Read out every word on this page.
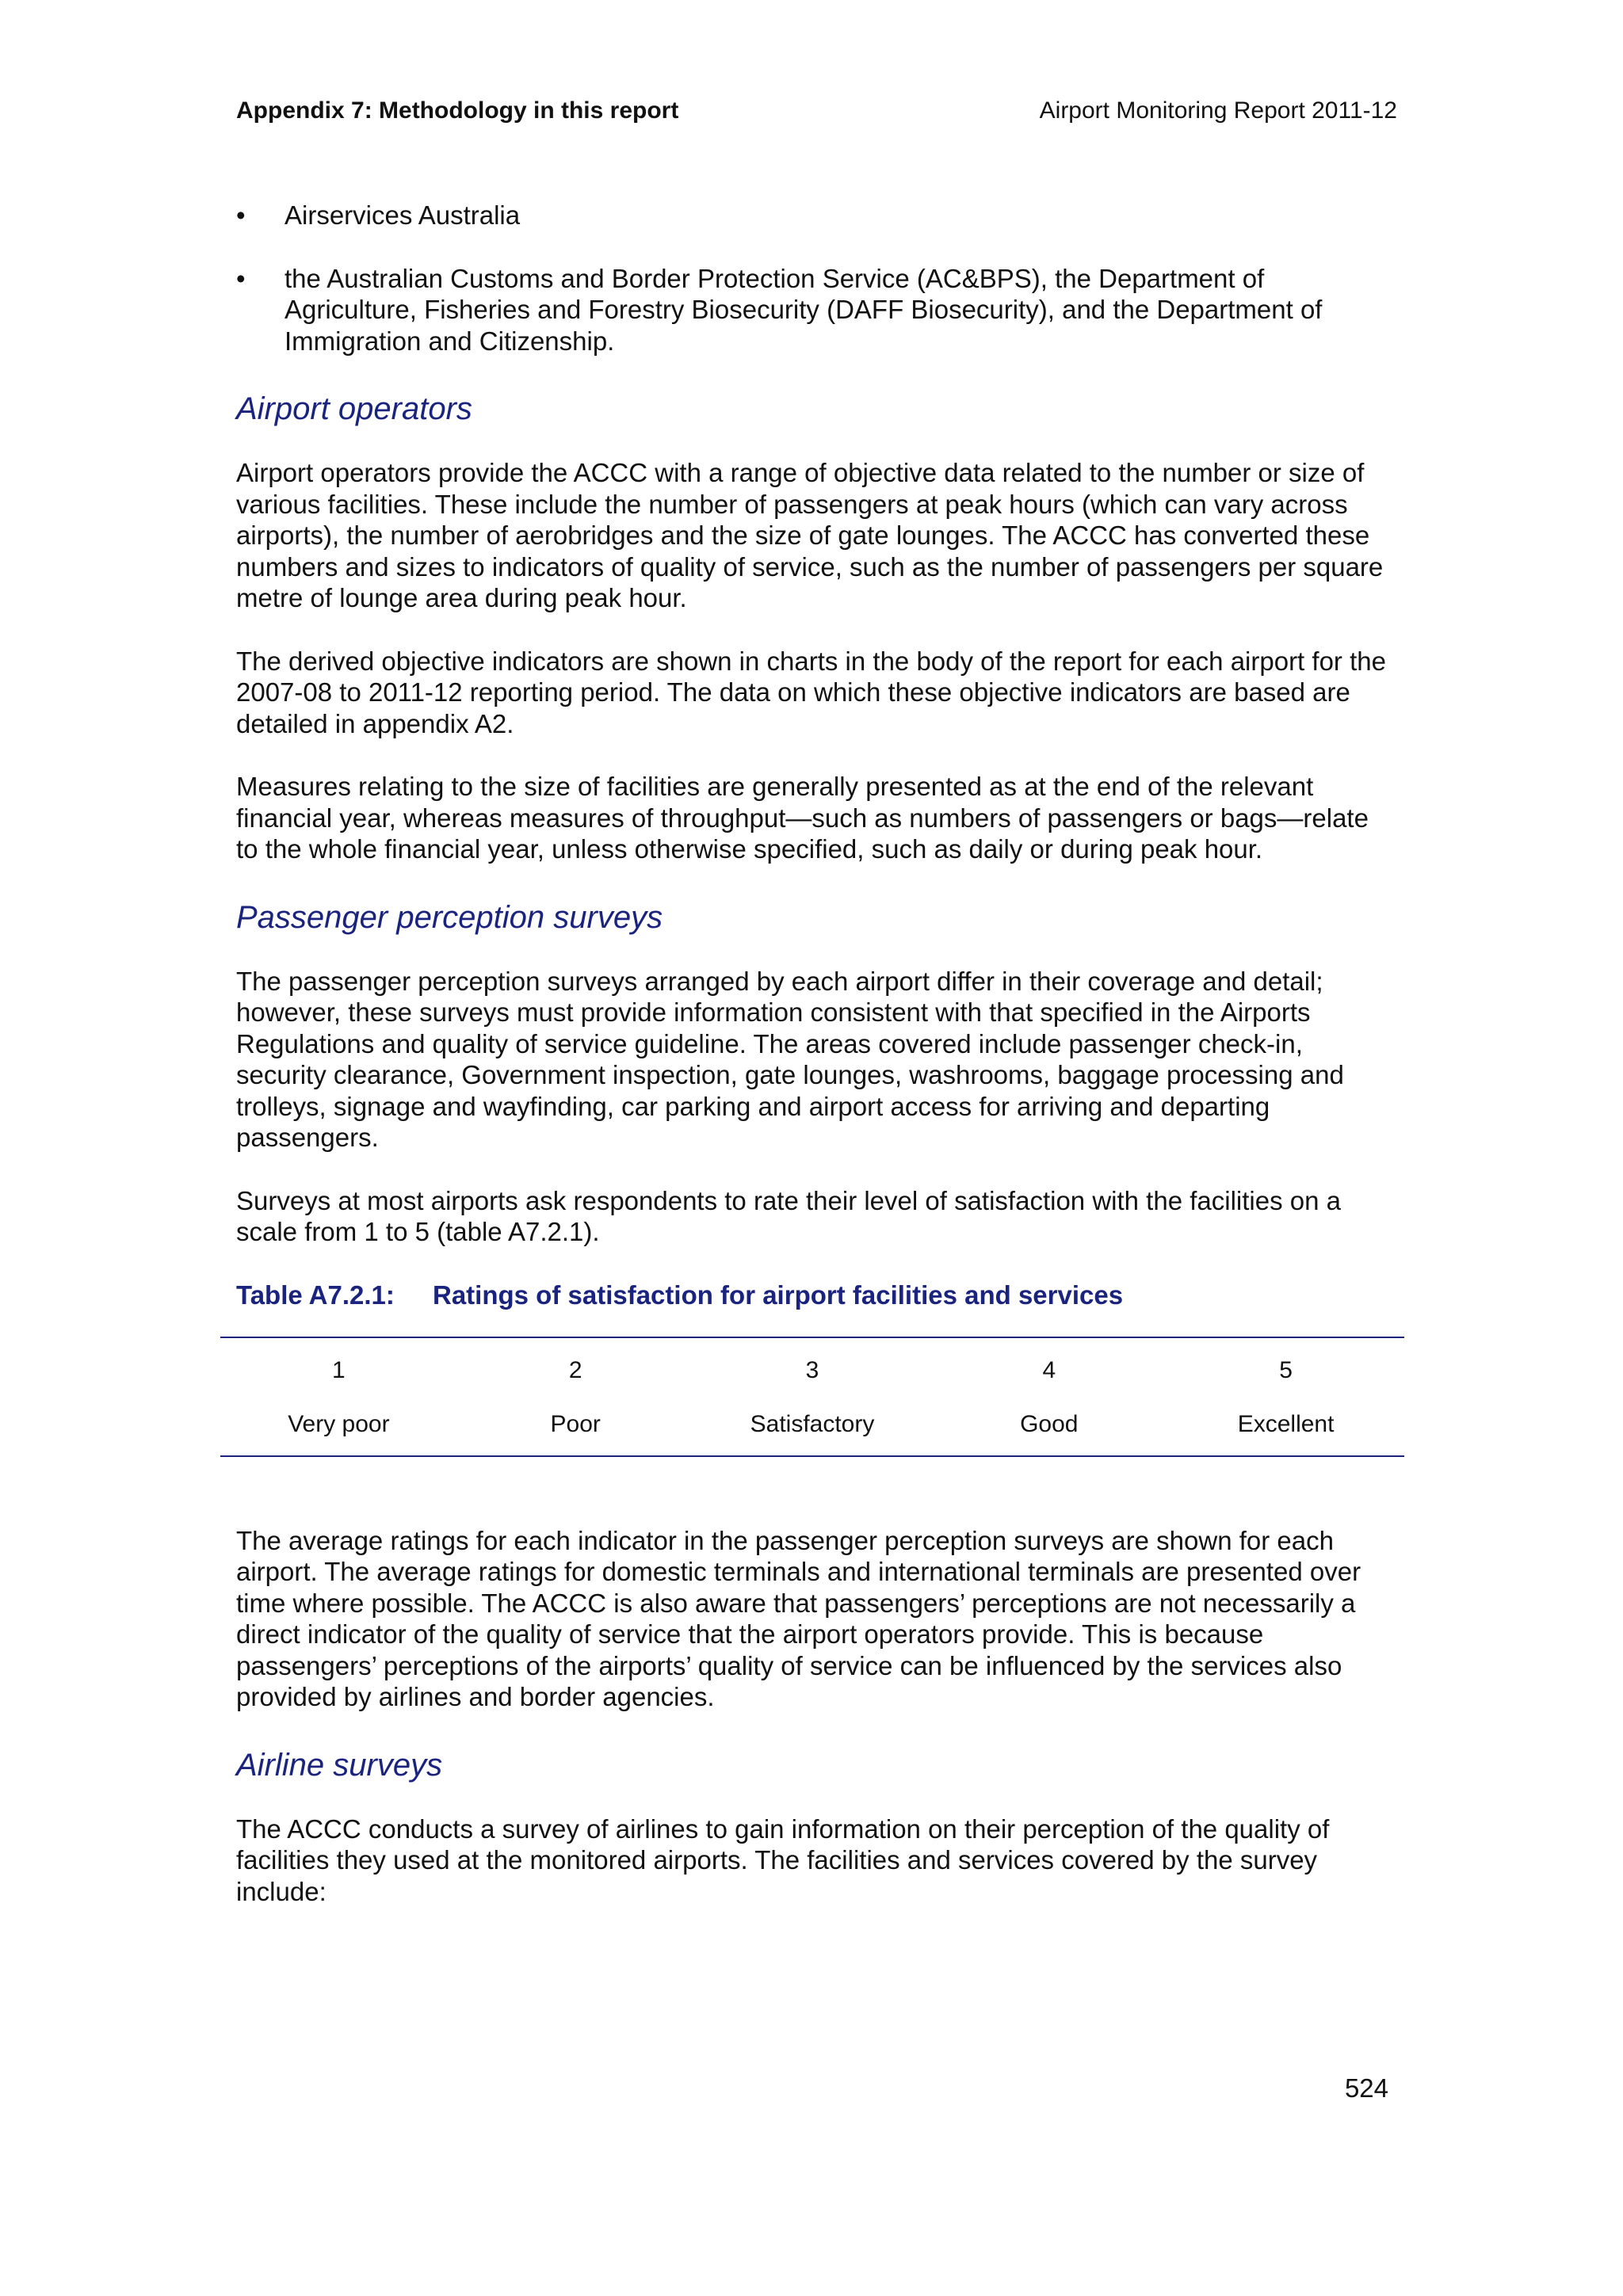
Appendix 7: Methodology in this report	Airport Monitoring Report 2011-12
• Airservices Australia
• the Australian Customs and Border Protection Service (AC&BPS), the Department of Agriculture, Fisheries and Forestry Biosecurity (DAFF Biosecurity), and the Department of Immigration and Citizenship.
Airport operators

Airport operators provide the ACCC with a range of objective data related to the number or size of various facilities. These include the number of passengers at peak hours (which can vary across airports), the number of aerobridges and the size of gate lounges. The ACCC has converted these numbers and sizes to indicators of quality of service, such as the number of passengers per square metre of lounge area during peak hour.

The derived objective indicators are shown in charts in the body of the report for each airport for the 2007-08 to 2011-12 reporting period. The data on which these objective indicators are based are detailed in appendix A2.

Measures relating to the size of facilities are generally presented as at the end of the relevant financial year, whereas measures of throughput—such as numbers of passengers or bags—relate to the whole financial year, unless otherwise specified, such as daily or during peak hour.

Passenger perception surveys

The passenger perception surveys arranged by each airport differ in their coverage and detail; however, these surveys must provide information consistent with that specified in the Airports Regulations and quality of service guideline. The areas covered include passenger check-in, security clearance, Government inspection, gate lounges, washrooms, baggage processing and trolleys, signage and wayfinding, car parking and airport access for arriving and departing passengers.

Surveys at most airports ask respondents to rate their level of satisfaction with the facilities on a scale from 1 to 5 (table A7.2.1).

Table A7.2.1:	Ratings of satisfaction for airport facilities and services
1	2	3	4	5
Very poor	Poor	Satisfactory	Good	Excellent

The average ratings for each indicator in the passenger perception surveys are shown for each airport. The average ratings for domestic terminals and international terminals are presented over time where possible. The ACCC is also aware that passengers’ perceptions are not necessarily a direct indicator of the quality of service that the airport operators provide. This is because passengers’ perceptions of the airports’ quality of service can be influenced by the services also provided by airlines and border agencies.

Airline surveys

The ACCC conducts a survey of airlines to gain information on their perception of the quality of facilities they used at the monitored airports. The facilities and services covered by the survey include:

524
